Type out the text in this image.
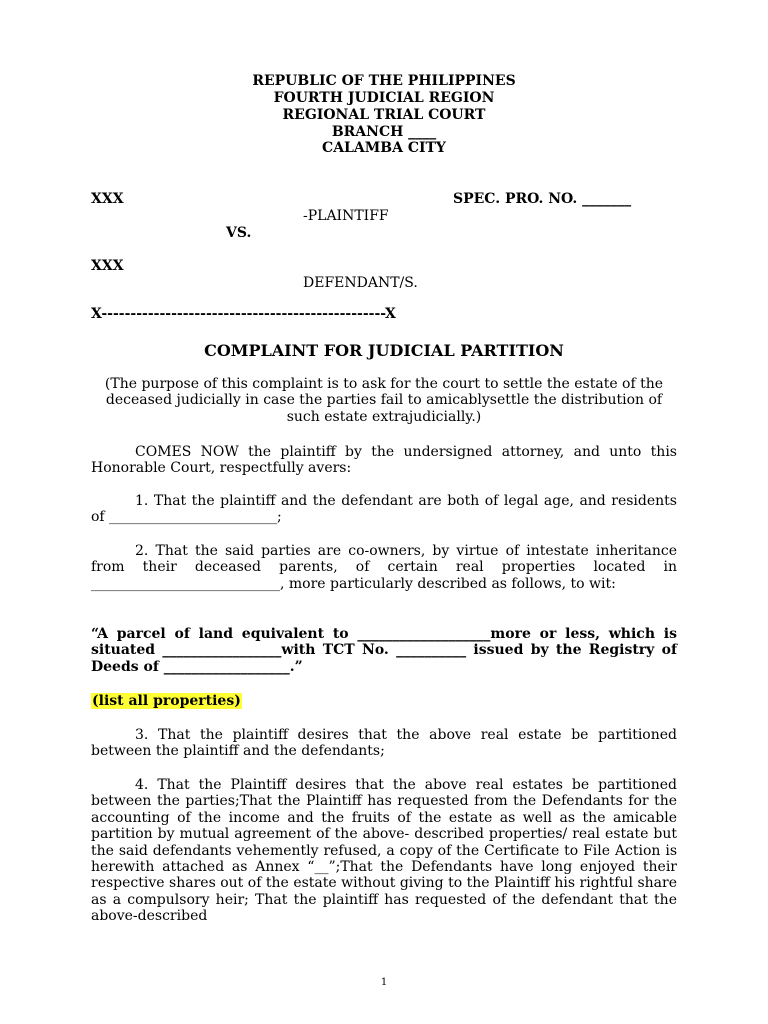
REPUBLIC OF THE PHILIPPINES
FOURTH JUDICIAL REGION
REGIONAL TRIAL COURT
BRANCH ____
CALAMBA CITY
XXX	SPEC. PRO. NO. _______
-PLAINTIFF
VS.
XXX
DEFENDANT/S.
X-------------------------------------------------X
COMPLAINT FOR JUDICIAL PARTITION
(The purpose of this complaint is to ask for the court to settle the estate of the deceased judicially in case the parties fail to amicablysettle the distribution of such estate extrajudicially.)
COMES NOW the plaintiff by the undersigned attorney, and unto this Honorable Court, respectfully avers:
1. That the plaintiff and the defendant are both of legal age, and residents of ________________________;
2. That the said parties are co-owners, by virtue of intestate inheritance from their deceased parents, of certain real properties located in ___________________________, more particularly described as follows, to wit:
“A parcel of land equivalent to ___________________more or less, which is situated _________________with TCT No. __________ issued by the Registry of Deeds of __________________.”
(list all properties)
3. That the plaintiff desires that the above real estate be partitioned between the plaintiff and the defendants;
4. That the Plaintiff desires that the above real estates be partitioned between the parties;That the Plaintiff has requested from the Defendants for the accounting of the income and the fruits of the estate as well as the amicable partition by mutual agreement of the above- described properties/ real estate but the said defendants vehemently refused, a copy of the Certificate to File Action is herewith attached as Annex “__”;That the Defendants have long enjoyed their respective shares out of the estate without giving to the Plaintiff his rightful share as a compulsory heir; That the plaintiff has requested of the defendant that the above-described
1
